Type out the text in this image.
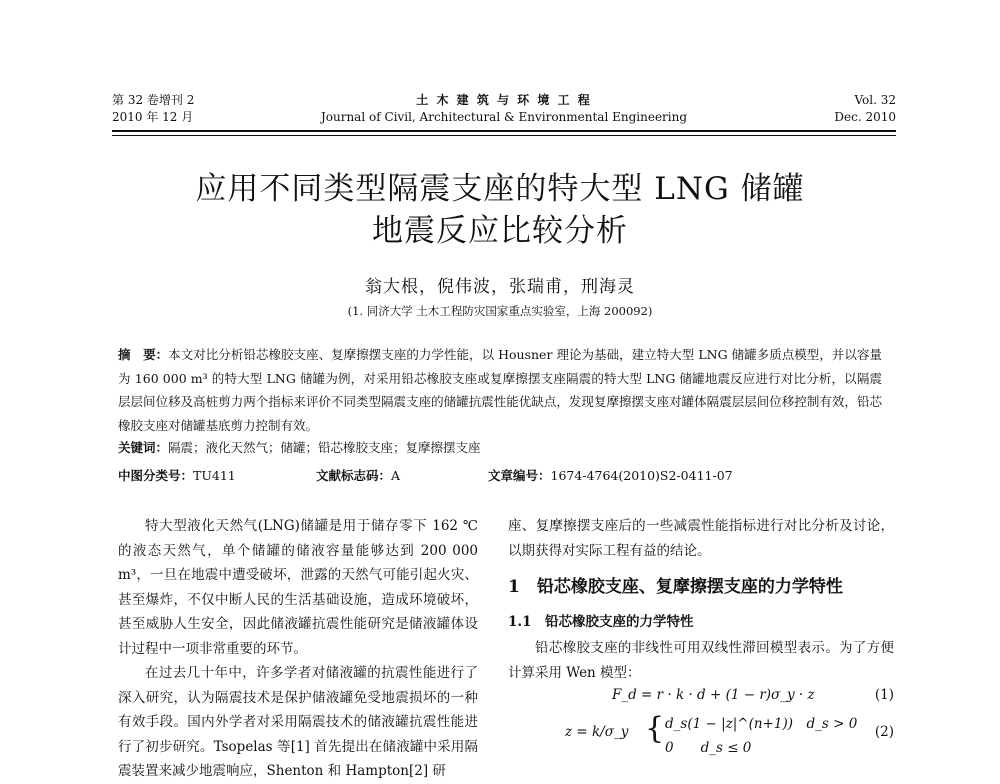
第 32 卷增刊 2
2010 年 12 月
土 木 建 筑 与 环 境 工 程
Journal of Civil, Architectural & Environmental Engineering
Vol. 32
Dec. 2010
应用不同类型隔震支座的特大型 LNG 储罐
地震反应比较分析
翁大根，倪伟波，张瑞甫，刑海灵
(1. 同济大学 土木工程防灾国家重点实验室，上海 200092)
摘　要：本文对比分析铅芯橡胶支座、复摩擦摆支座的力学性能，以 Housner 理论为基础，建立特大型 LNG 储罐多质点模型，并以容量为 160 000 m³ 的特大型 LNG 储罐为例，对采用铅芯橡胶支座或复摩擦摆支座隔震的特大型 LNG 储罐地震反应进行对比分析，以隔震层层间位移及高桩剪力两个指标来评价不同类型隔震支座的储罐抗震性能优缺点，发现复摩擦摆支座对罐体隔震层层间位移控制有效，铅芯橡胶支座对储罐基底剪力控制有效。
关键词：隔震；液化天然气；储罐；铅芯橡胶支座；复摩擦摆支座
中图分类号：TU411	文献标志码：A	文章编号：1674-4764(2010)S2-0411-07

特大型液化天然气(LNG)储罐是用于储存零下 162 ℃ 的液态天然气，单个储罐的储液容量能够达到 200 000 m³，一旦在地震中遭受破坏，泄露的天然气可能引起火灾、甚至爆炸，不仅中断人民的生活基础设施，造成环境破坏，甚至威胁人生安全，因此储液罐抗震性能研究是储液罐体设计过程中一项非常重要的环节。

在过去几十年中，许多学者对储液罐的抗震性能进行了深入研究，认为隔震技术是保护储液罐免受地震损坏的一种有效手段。国内外学者对采用隔震技术的储液罐抗震性能进行了初步研究。Tsopelas 等[1] 首先提出在储液罐中采用隔震装置来减少地震响应，Shenton 和 Hampton[2] 研

座、复摩擦摆支座后的一些减震性能指标进行对比分析及讨论，以期获得对实际工程有益的结论。

1　铅芯橡胶支座、复摩擦摆支座的力学特性
1.1　铅芯橡胶支座的力学特性

铅芯橡胶支座的非线性可用双线性滞回模型表示。为了方便计算采用 Wen 模型：

F_d = r · k · d + (1 − r)σ_y · z	(1)
z = k/σ_y { d_s(1 − |z|^(n+1))　d_s > 0
0　　d_s ≤ 0
(2)
